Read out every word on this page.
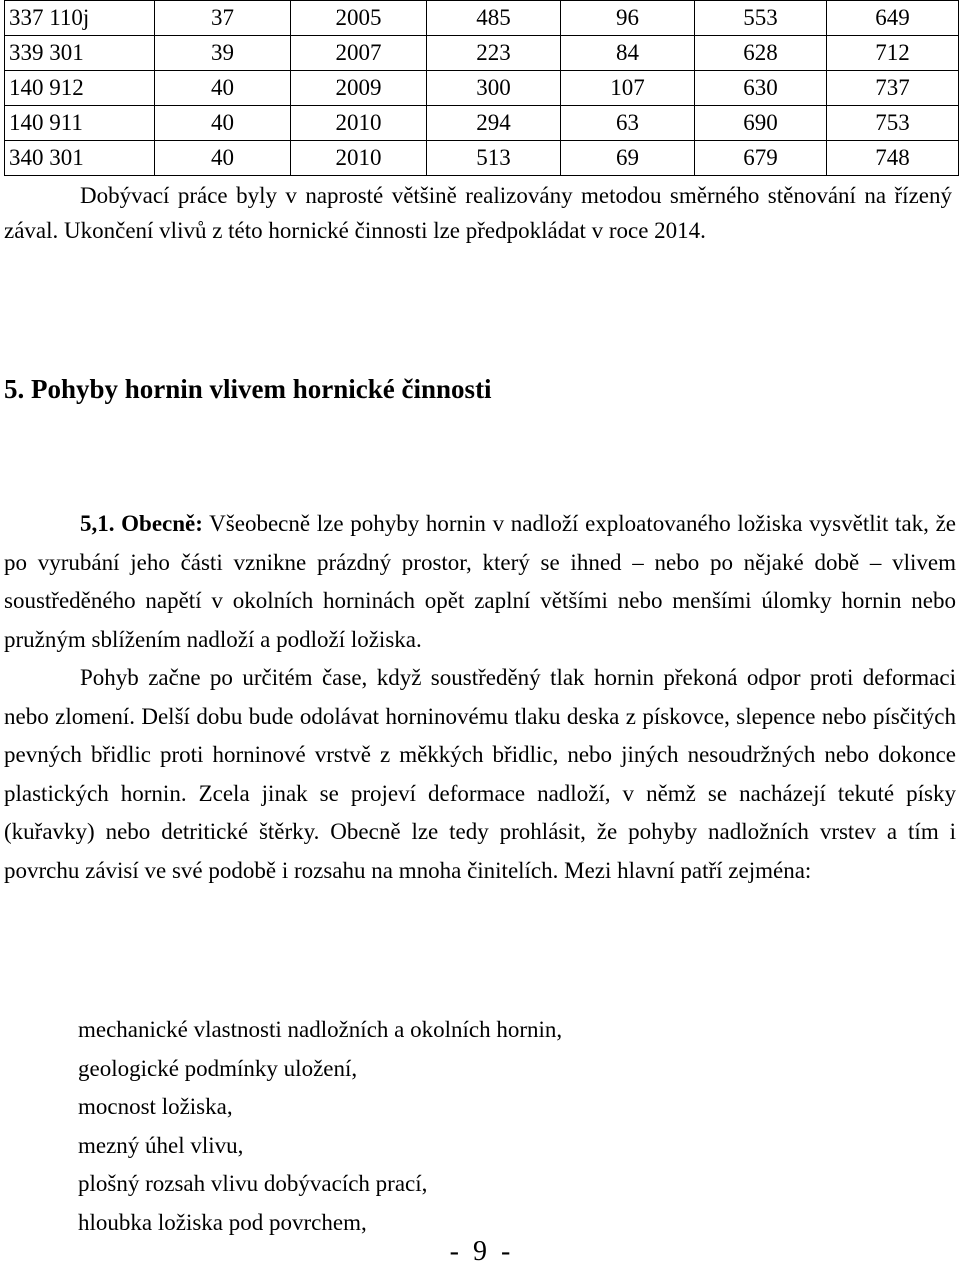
337 110j	37	2005	485	96	553	649
339 301	39	2007	223	84	628	712
140 912	40	2009	300	107	630	737
140 911	40	2010	294	63	690	753
340 301	40	2010	513	69	679	748

Dobývací práce byly v naprosté většině realizovány metodou směrného stěnování na řízený zával. Ukončení vlivů z této hornické činnosti lze předpokládat v roce 2014.

5. Pohyby hornin vlivem hornické činnosti

5,1. Obecně: Všeobecně lze pohyby hornin v nadloží exploatovaného ložiska vysvětlit tak, že po vyrubání jeho části vznikne prázdný prostor, který se ihned – nebo po nějaké době – vlivem soustředěného napětí v okolních horninách opět zaplní většími nebo menšími úlomky hornin nebo pružným sblížením nadloží a podloží ložiska.

Pohyb začne po určitém čase, když soustředěný tlak hornin překoná odpor proti deformaci nebo zlomení. Delší dobu bude odolávat horninovému tlaku deska z pískovce, slepence nebo písčitých pevných břidlic proti horninové vrstvě z měkkých břidlic, nebo jiných nesoudržných nebo dokonce plastických hornin. Zcela jinak se projeví deformace nadloží, v němž se nacházejí tekuté písky (kuřavky) nebo detritické štěrky. Obecně lze tedy prohlásit, že pohyby nadložních vrstev a tím i povrchu závisí ve své podobě i rozsahu na mnoha činitelích. Mezi hlavní patří zejména:

mechanické vlastnosti nadložních a okolních hornin,
geologické podmínky uložení,
mocnost ložiska,
mezný úhel vlivu,
plošný rozsah vlivu dobývacích prací,
hloubka ložiska pod povrchem,
-  9  -
